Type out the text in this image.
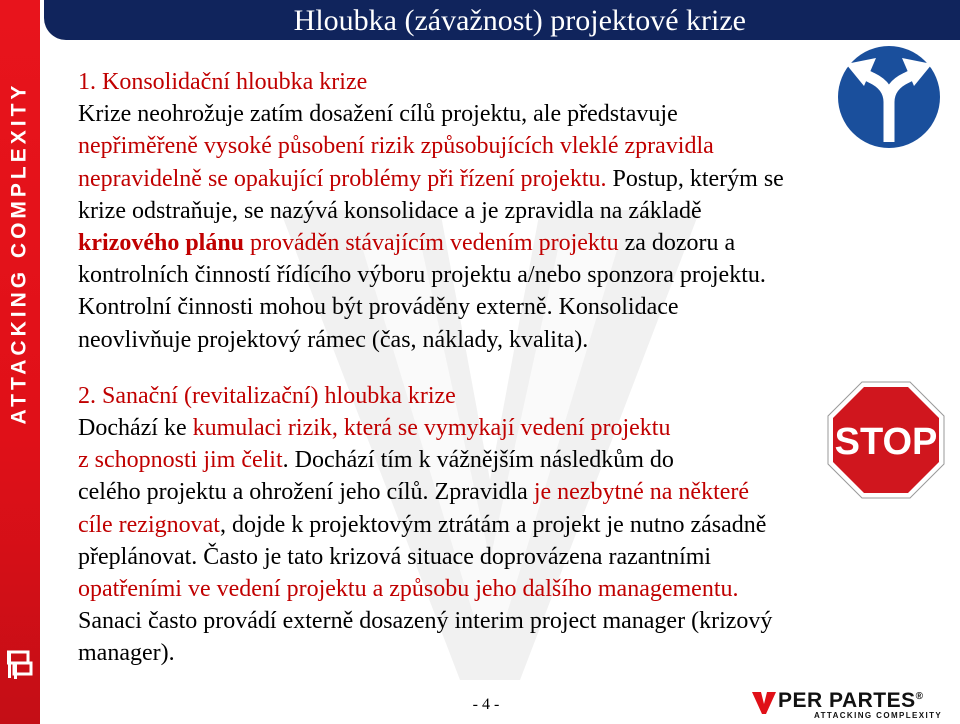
ATTACKING COMPLEXITY
Hloubka (závažnost) projektové krize

1. Konsolidační hloubka krize
Krize neohrožuje zatím dosažení cílů projektu, ale představuje
nepřiměřeně vysoké působení rizik způsobujících vleklé zpravidla
nepravidelně se opakující problémy při řízení projektu. Postup, kterým se
krize odstraňuje, se nazývá konsolidace a je zpravidla na základě
krizového plánu prováděn stávajícím vedením projektu za dozoru a
kontrolních činností řídícího výboru projektu a/nebo sponzora projektu.
Kontrolní činnosti mohou být prováděny externě. Konsolidace
neovlivňuje projektový rámec (čas, náklady, kvalita).

2. Sanační (revitalizační) hloubka krize
Dochází ke kumulaci rizik, která se vymykají vedení projektu
z schopnosti jim čelit. Dochází tím k vážnějším následkům do
celého projektu a ohrožení jeho cílů. Zpravidla je nezbytné na některé
cíle rezignovat, dojde k projektovým ztrátám a projekt je nutno zásadně
přeplánovat. Často je tato krizová situace doprovázena razantními
opatřeními ve vedení projektu a způsobu jeho dalšího managementu.
Sanaci často provádí externě dosazený interim project manager (krizový
manager).

STOP
- 4 -	PER PARTES®
ATTACKING COMPLEXITY
